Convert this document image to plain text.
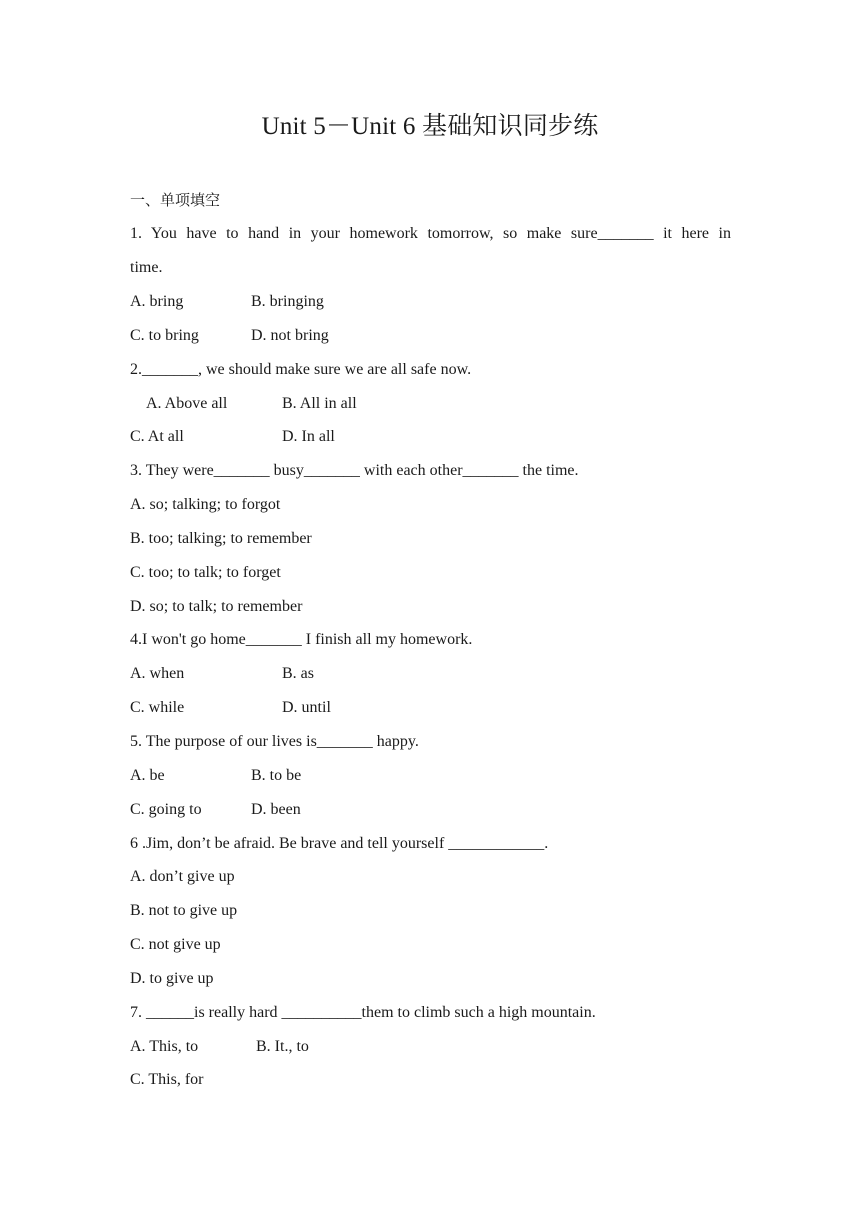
Unit 5－Unit 6 基础知识同步练
一、单项填空
1. You have to hand in your homework tomorrow, so make sure_______ it here in
time.
A. bring	B. bringing
C. to bring	D. not bring
2._______, we should make sure we are all safe now.
A. Above all	B. All in all
C. At all	D. In all
3. They were_______ busy_______ with each other_______ the time.
A. so; talking; to forgot
B. too; talking; to remember
C. too; to talk; to forget
D. so; to talk; to remember
4.I won't go home_______ I finish all my homework.
A. when	B. as
C. while	D. until
5. The purpose of our lives is_______ happy.
A. be	B. to be
C. going to	D. been
6 .Jim, don’t be afraid. Be brave and tell yourself ____________.
A. don’t give up
B. not to give up
C. not give up
D. to give up
7. ______is really hard __________them to climb such a high mountain.
A. This, to	B. It., to
C. This, for
